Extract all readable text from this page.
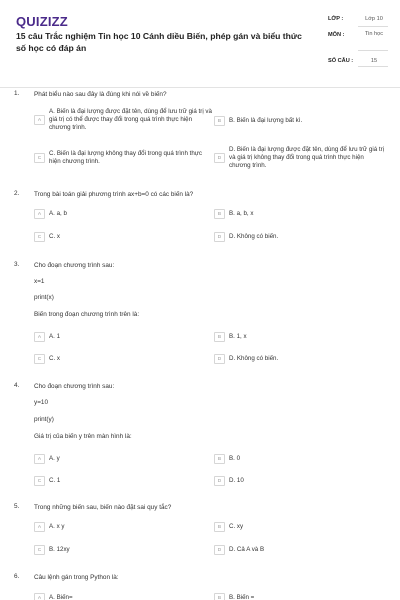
QUIZIZZ
15 câu Trắc nghiệm Tin học 10 Cánh diều Biến, phép gán và biểu thức số học có đáp án
LỚP :	Lớp 10
MÔN :	Tin học
SỐ CÂU :	15
1. Phát biểu nào sau đây là đúng khi nói về biến?
A
A. Biến là đại lượng được đặt tên, dùng để lưu trữ giá trị và giá trị có thể được thay đổi trong quá trình thực hiện chương trình.
B	B. Biến là đại lượng bất kì.
C
C. Biến là đại lượng không thay đổi trong quá trình thực hiện chương trình.	D
D. Biến là đại lượng được đặt tên, dùng để lưu trữ giá trị và giá trị không thay đổi trong quá trình thực hiện chương trình.
2. Trong bài toán giải phương trình ax+b=0 có các biến là?
A	A. a, b	B	B. a, b, x
C	C. x	D	D. Không có biến.
3. Cho đoạn chương trình sau:
x=1
print(x)
Biến trong đoạn chương trình trên là:
A	A. 1	B	B. 1, x
C	C. x	D	D. Không có biến.
4. Cho đoạn chương trình sau:
y=10
print(y)
Giá trị của biến y trên màn hình là:
A	A. y	B	B. 0
C	C. 1	D	D. 10
5. Trong những biến sau, biến nào đặt sai quy tắc?
A	A. x y	B	C. xy
C	B. 12xy	D	D. Cả A và B
6. Câu lệnh gán trong Python là:
A	A. Biến=	B	B. Biến =
